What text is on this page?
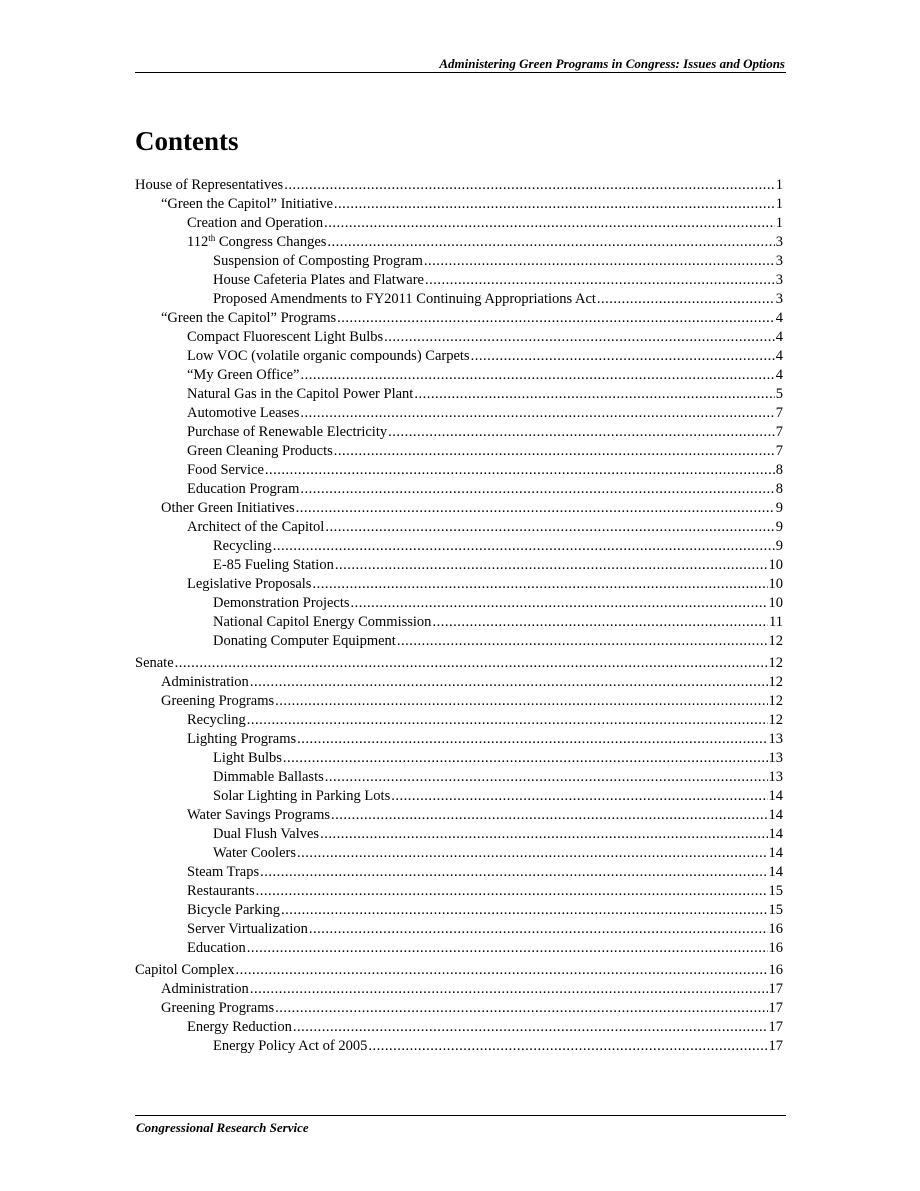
Administering Green Programs in Congress: Issues and Options
Contents
House of Representatives .....	1
“Green the Capitol” Initiative .....	1
Creation and Operation .....	1
112th Congress Changes .....	3
Suspension of Composting Program .....	3
House Cafeteria Plates and Flatware .....	3
Proposed Amendments to FY2011 Continuing Appropriations Act .....	3
“Green the Capitol” Programs .....	4
Compact Fluorescent Light Bulbs .....	4
Low VOC (volatile organic compounds) Carpets .....	4
“My Green Office” .....	4
Natural Gas in the Capitol Power Plant .....	5
Automotive Leases .....	7
Purchase of Renewable Electricity .....	7
Green Cleaning Products .....	7
Food Service .....	8
Education Program .....	8
Other Green Initiatives .....	9
Architect of the Capitol .....	9
Recycling .....	9
E-85 Fueling Station .....	10
Legislative Proposals .....	10
Demonstration Projects .....	10
National Capitol Energy Commission .....	11
Donating Computer Equipment .....	12
Senate .....	12
Administration .....	12
Greening Programs .....	12
Recycling .....	12
Lighting Programs .....	13
Light Bulbs .....	13
Dimmable Ballasts .....	13
Solar Lighting in Parking Lots .....	14
Water Savings Programs .....	14
Dual Flush Valves .....	14
Water Coolers .....	14
Steam Traps .....	14
Restaurants .....	15
Bicycle Parking .....	15
Server Virtualization .....	16
Education .....	16
Capitol Complex .....	16
Administration .....	17
Greening Programs .....	17
Energy Reduction .....	17
Energy Policy Act of 2005 .....	17
Congressional Research Service
